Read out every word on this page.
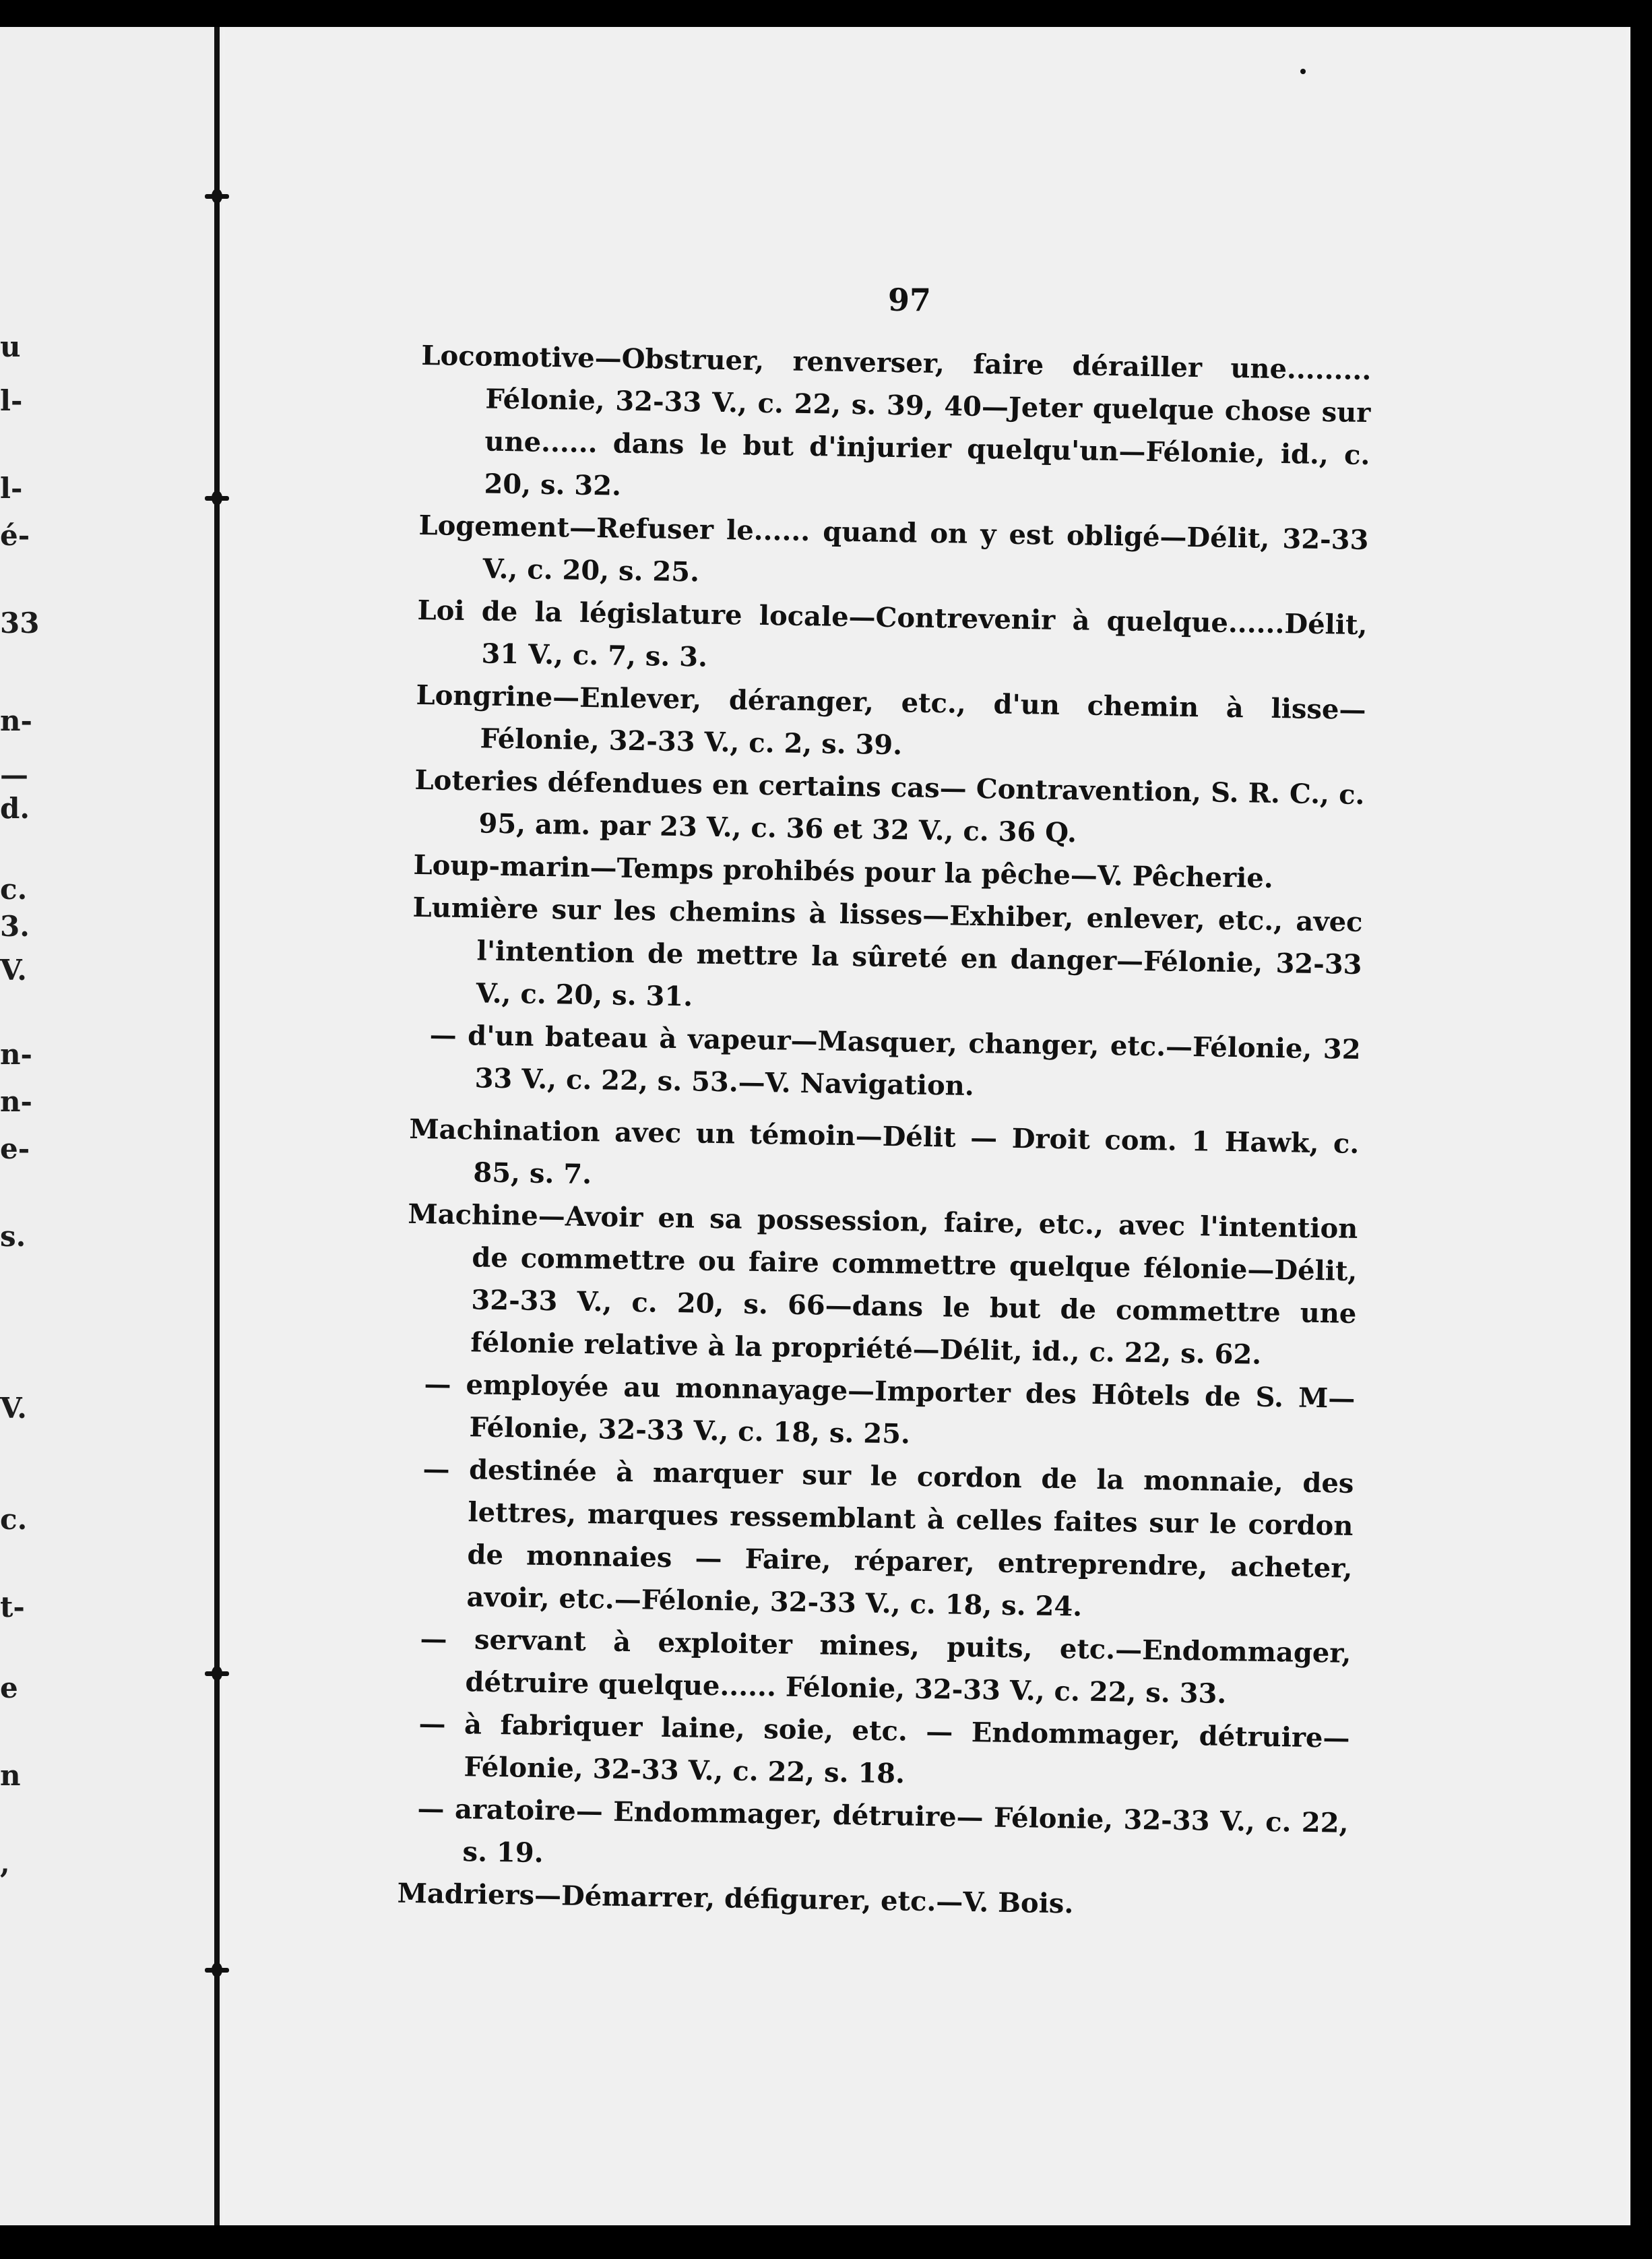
u
l-
l-
é-
33
n-
—
d.
c.
3.
V.
n-
n-
e-
s.
V.
c.
t-
e
n
,
97
Locomotive—Obstruer, renverser, faire dérailler une......... Félonie, 32-33 V., c. 22, s. 39, 40—Jeter quelque chose sur une...... dans le but d'injurier quelqu'un—Félonie, id., c. 20, s. 32.
Logement—Refuser le...... quand on y est obligé—Délit, 32-33 V., c. 20, s. 25.
Loi de la législature locale—Contrevenir à quelque......Délit, 31 V., c. 7, s. 3.
Longrine—Enlever, déranger, etc., d'un chemin à lisse—Félonie, 32-33 V., c. 2, s. 39.
Loteries défendues en certains cas— Contravention, S. R. C., c. 95, am. par 23 V., c. 36 et 32 V., c. 36 Q.
Loup-marin—Temps prohibés pour la pêche—V. Pêcherie.
Lumière sur les chemins à lisses—Exhiber, enlever, etc., avec l'intention de mettre la sûreté en danger—Félonie, 32-33 V., c. 20, s. 31.
— d'un bateau à vapeur—Masquer, changer, etc.—Félonie, 32 33 V., c. 22, s. 53.—V. Navigation.
Machination avec un témoin—Délit — Droit com. 1 Hawk, c. 85, s. 7.
Machine—Avoir en sa possession, faire, etc., avec l'intention de commettre ou faire commettre quelque félonie—Délit, 32-33 V., c. 20, s. 66—dans le but de commettre une félonie relative à la propriété—Délit, id., c. 22, s. 62.
— employée au monnayage—Importer des Hôtels de S. M— Félonie, 32-33 V., c. 18, s. 25.
— destinée à marquer sur le cordon de la monnaie, des lettres, marques ressemblant à celles faites sur le cordon de monnaies — Faire, réparer, entreprendre, acheter, avoir, etc.—Félonie, 32-33 V., c. 18, s. 24.
— servant à exploiter mines, puits, etc.—Endommager, détruire quelque...... Félonie, 32-33 V., c. 22, s. 33.
— à fabriquer laine, soie, etc. — Endommager, détruire— Félonie, 32-33 V., c. 22, s. 18.
— aratoire— Endommager, détruire— Félonie, 32-33 V., c. 22, s. 19.
Madriers—Démarrer, défigurer, etc.—V. Bois.
